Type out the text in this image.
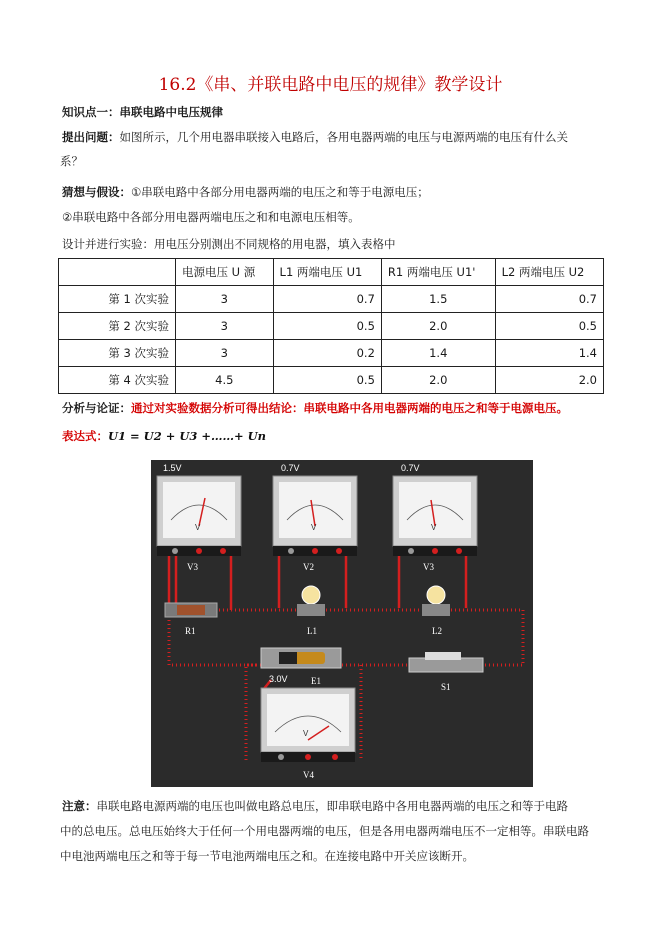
16.2《串、并联电路中电压的规律》教学设计
知识点一：串联电路中电压规律
提出问题：如图所示，几个用电器串联接入电路后，各用电器两端的电压与电源两端的电压有什么关
系？
猜想与假设：①串联电路中各部分用电器两端的电压之和等于电源电压；
②串联电路中各部分用电器两端电压之和和电源电压相等。
设计并进行实验：用电压分别测出不同规格的用电器，填入表格中
	电源电压 U 源	L1 两端电压 U1	R1 两端电压 U1'	L2 两端电压 U2
第 1 次实验	3	0.7	1.5	0.7
第 2 次实验	3	0.5	2.0	0.5
第 3 次实验	3	0.2	1.4	1.4
第 4 次实验	4.5	0.5	2.0	2.0
分析与论证：通过对实验数据分析可得出结论：串联电路中各用电器两端的电压之和等于电源电压。
表达式：U1 = U2 + U3 +……+ Un
1.5V
V
V3
0.7V
V
V2
0.7V
V
V3
R1	L1	L2
E1
S1
3.0V
V
V4
注意：串联电路电源两端的电压也叫做电路总电压，即串联电路中各用电器两端的电压之和等于电路
中的总电压。总电压始终大于任何一个用电器两端的电压，但是各用电器两端电压不一定相等。串联电路
中电池两端电压之和等于每一节电池两端电压之和。在连接电路中开关应该断开。
